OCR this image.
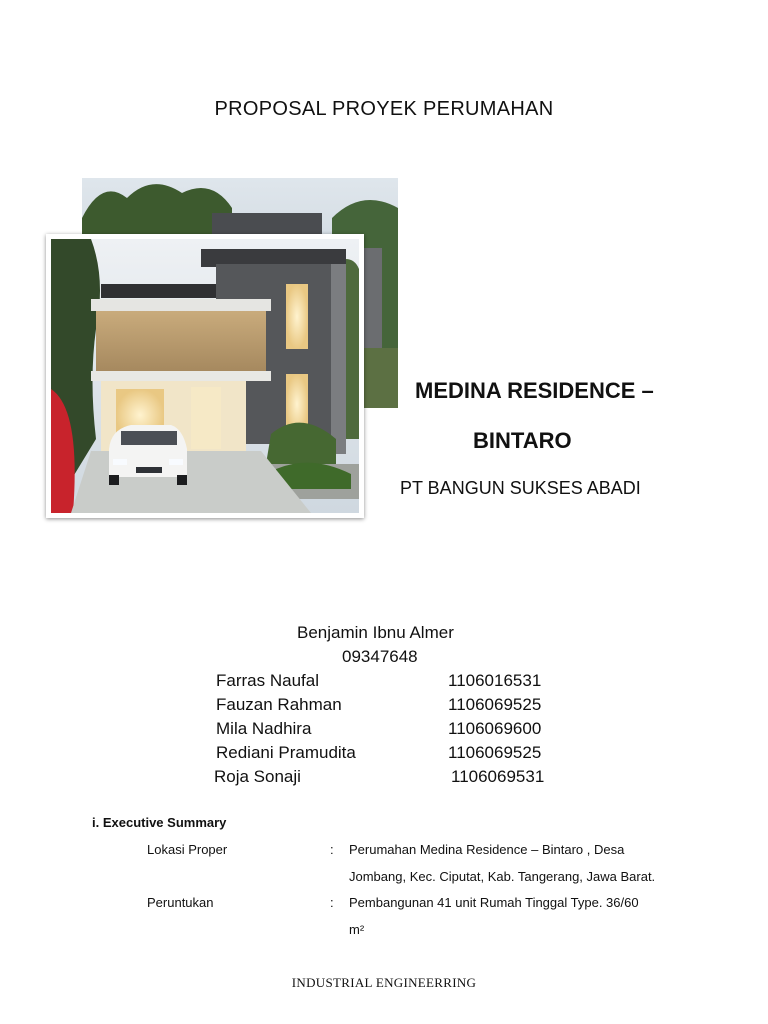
PROPOSAL PROYEK PERUMAHAN
MEDINA RESIDENCE –
BINTARO
PT BANGUN SUKSES ABADI
Benjamin Ibnu Almer
09347648
Farras Naufal	1106016531
Fauzan Rahman	1106069525
Mila Nadhira	1106069600
Rediani Pramudita	1106069525
Roja Sonaji	1106069531
i. Executive Summary
Lokasi Proper	: Perumahan Medina Residence – Bintaro , Desa
Jombang, Kec. Ciputat, Kab. Tangerang, Jawa Barat.
Peruntukan	: Pembangunan 41 unit Rumah Tinggal Type. 36/60
m²
INDUSTRIAL ENGINEERRING
